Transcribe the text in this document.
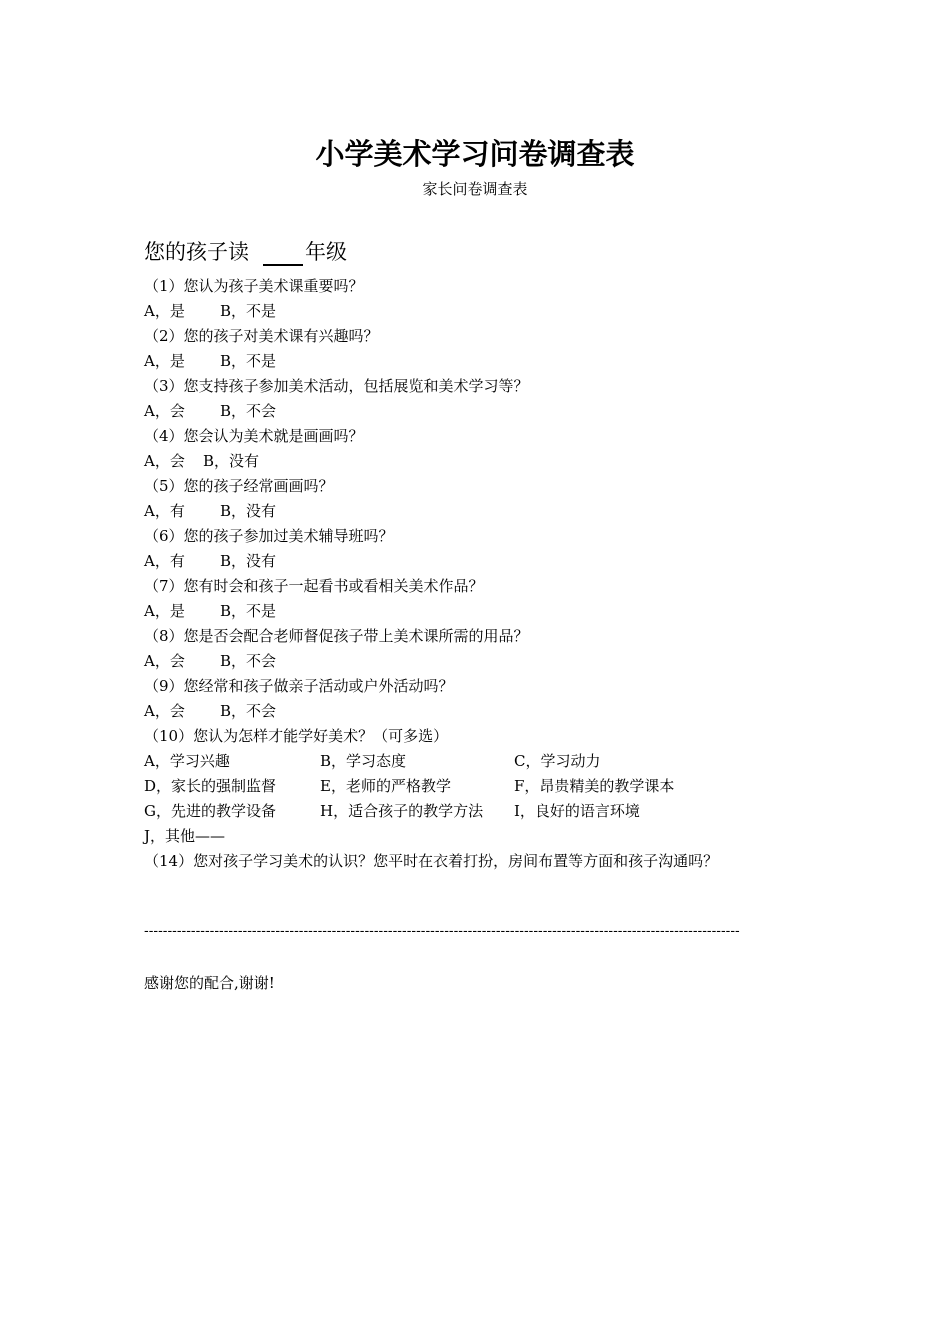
小学美术学习问卷调查表
家长问卷调查表
您的孩子读	年级
（1）您认为孩子美术课重要吗？
A，是 B，不是
（2）您的孩子对美术课有兴趣吗？
A，是 B，不是
（3）您支持孩子参加美术活动，包括展览和美术学习等？
A，会 B，不会
（4）您会认为美术就是画画吗？
A，会 B，没有
（5）您的孩子经常画画吗？
A，有 B，没有
（6）您的孩子参加过美术辅导班吗？
A，有 B，没有
（7）您有时会和孩子一起看书或看相关美术作品？
A，是 B，不是
（8）您是否会配合老师督促孩子带上美术课所需的用品？
A，会 B，不会
（9）您经常和孩子做亲子活动或户外活动吗？
A，会 B，不会
（10）您认为怎样才能学好美术？（可多选）
A，学习兴趣	B，学习态度	C，学习动力
D，家长的强制监督	E，老师的严格教学	F，昂贵精美的教学课本
G，先进的教学设备	H，适合孩子的教学方法 I，良好的语言环境
J，其他——
（14）您对孩子学习美术的认识？您平时在衣着打扮，房间布置等方面和孩子沟通吗？
-------------------------------------------------------------------------------------------------------------------------------
感谢您的配合,谢谢!
